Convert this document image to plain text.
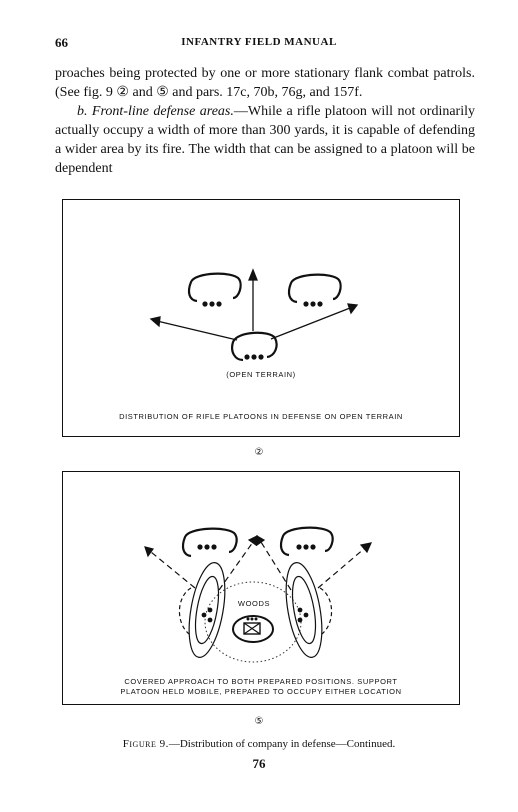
66	INFANTRY FIELD MANUAL

proaches being protected by one or more stationary flank combat patrols. (See fig. 9 ② and ⑤ and pars. 17c, 70b, 76g, and 157f.

b. Front-line defense areas.—While a rifle platoon will not ordinarily actually occupy a width of more than 300 yards, it is capable of defending a wider area by its fire. The width that can be assigned to a platoon will be dependent

(OPEN TERRAIN)
DISTRIBUTION OF RIFLE PLATOONS IN DEFENSE ON OPEN TERRAIN
②
WOODS
COVERED APPROACH TO BOTH PREPARED POSITIONS. SUPPORT
PLATOON HELD MOBILE, PREPARED TO OCCUPY EITHER LOCATION
⑤
Figure 9.—Distribution of company in defense—Continued.
76
